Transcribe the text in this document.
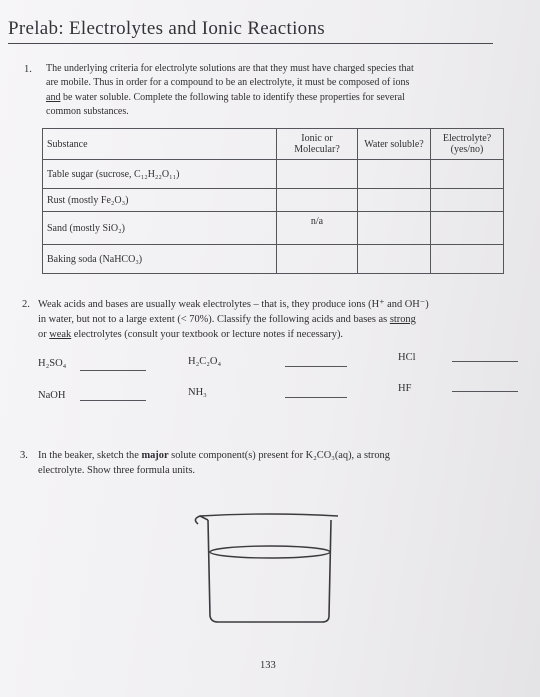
Prelab: Electrolytes and Ionic Reactions
1. The underlying criteria for electrolyte solutions are that they must have charged species that
are mobile. Thus in order for a compound to be an electrolyte, it must be composed of ions
and be water soluble. Complete the following table to identify these properties for several
common substances.
Substance	Ionic or Molecular?	Water soluble?	Electrolyte? (yes/no)
Table sugar (sucrose, C₁₂H₂₂O₁₁)			
Rust (mostly Fe₂O₃)			
Sand (mostly SiO₂)	n/a		
Baking soda (NaHCO₃)			
2. Weak acids and bases are usually weak electrolytes – that is, they produce ions (H⁺ and OH⁻)
in water, but not to a large extent (< 70%). Classify the following acids and bases as strong
or weak electrolytes (consult your textbook or lecture notes if necessary).
H₂SO₄	H₂C₂O₄	HCl
NaOH	NH₃	HF
3. In the beaker, sketch the major solute component(s) present for K₂CO₃(aq), a strong
electrolyte. Show three formula units.
133
